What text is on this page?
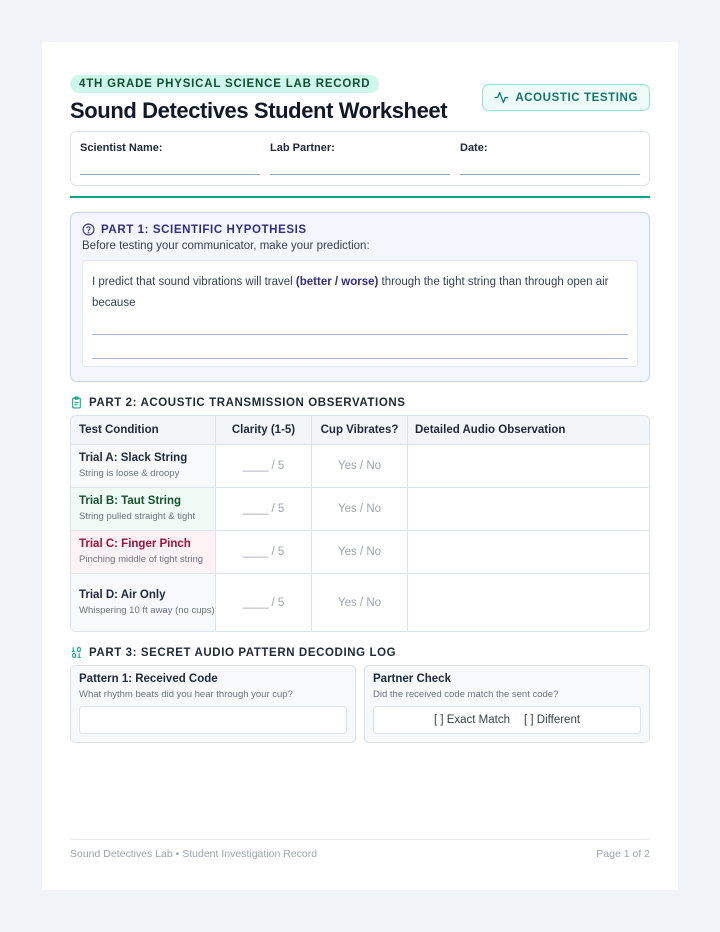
4TH GRADE PHYSICAL SCIENCE LAB RECORD
Sound Detectives Student Worksheet
ACOUSTIC TESTING
Scientist Name:	Lab Partner:	Date:
PART 1: SCIENTIFIC HYPOTHESIS
Before testing your communicator, make your prediction:
I predict that sound vibrations will travel (better / worse) through the tight string than through open air because
PART 2: ACOUSTIC TRANSMISSION OBSERVATIONS
Test Condition	Clarity (1-5)	Cup Vibrates?	Detailed Audio Observation
Trial A: Slack String
String is loose & droopy
____ / 5	Yes / No
Trial B: Taut String
String pulled straight & tight
____ / 5	Yes / No
Trial C: Finger Pinch
Pinching middle of tight string
____ / 5	Yes / No
Trial D: Air Only
Whispering 10 ft away (no cups)
____ / 5	Yes / No
PART 3: SECRET AUDIO PATTERN DECODING LOG
Pattern 1: Received Code
What rhythm beats did you hear through your cup?
Partner Check
Did the received code match the sent code?
[ ] Exact Match [ ] Different
Sound Detectives Lab • Student Investigation Record	Page 1 of 2
